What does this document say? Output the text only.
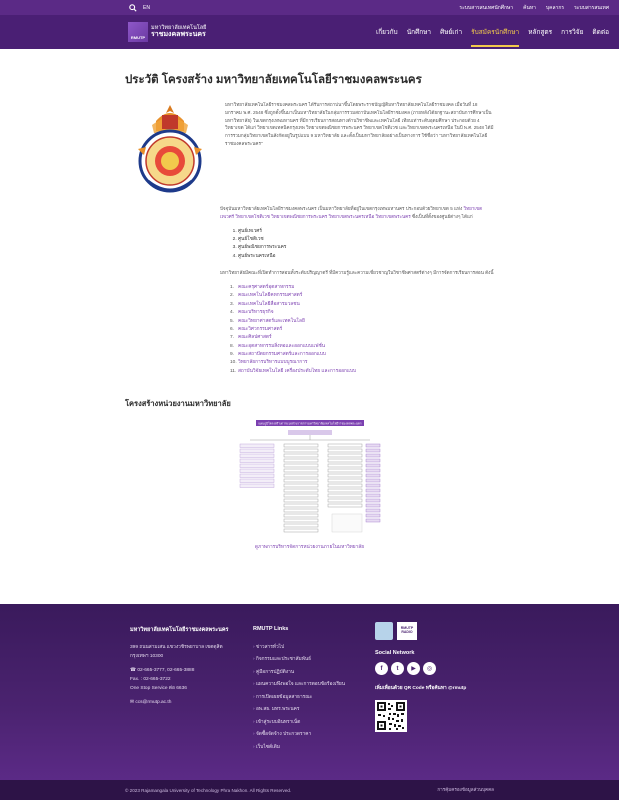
EN	ระบบสารสนเทศนักศึกษา ค้นหา บุคลากร ระบบสารสนเทศ
RMUTP
มหาวิทยาลัยเทคโนโลยี
ราชมงคลพระนคร	เกี่ยวกับ นักศึกษา ศิษย์เก่า รับสมัครนักศึกษา หลักสูตร การวิจัย ติดต่อ
ประวัติ โครงสร้าง มหาวิทยาลัยเทคโนโลยีราชมงคลพระนคร
มหาวิทยาลัยเทคโนโลยีราชมงคลพระนคร ได้รับการสถาปนาขึ้นโดยพระราชบัญญัติมหาวิทยาลัยเทคโนโลยีราชมงคล เมื่อวันที่ 18 มกราคม พ.ศ. 2548 ซึ่งถูกตั้งขึ้นมาเป็นมหาวิทยาลัยในกลุ่มการรวมสถาบันเทคโนโลยีราชมงคล (ภายหลังได้ยกฐานะสถาบันการศึกษาเป็นมหาวิทยาลัย) ในเขตกรุงเทพมหานคร ที่มีการเรียนการสอนทางด้านวิชาชีพและเทคโนโลยี เทียบเท่าระดับอุดมศึกษา ประกอบด้วย 4 วิทยาเขต ได้แก่ วิทยาเขตเทคนิคกรุงเทพ วิทยาเขตพณิชยการพระนคร วิทยาเขตโชติเวช และวิทยาเขตพระนครเหนือ ในปี พ.ศ. 2548 ได้มีการรวมกลุ่มวิทยาเขตในสังกัดอยู่ในรูปแบบ 9 มหาวิทยาลัย และตั้งเป็นมหาวิทยาลัยอย่างเป็นทางการ ใช้ชื่อว่า "มหาวิทยาลัยเทคโนโลยีราชมงคลพระนคร"

ปัจจุบันมหาวิทยาลัยเทคโนโลยีราชมงคลพระนคร เป็นมหาวิทยาลัยที่อยู่ในเขตกรุงเทพมหานคร ประกอบด้วยวิทยาเขต 5 แห่ง วิทยาเขตเทเวศร์ วิทยาเขตโชติเวช วิทยาเขตพณิชยการพระนคร วิทยาเขตพระนครเหนือ วิทยาเขตพระนคร ซึ่งเป็นที่ตั้งของศูนย์ต่างๆ ได้แก่

1. ศูนย์เทเวศร์
2. ศูนย์โชติเวช
3. ศูนย์พณิชยการพระนคร
4. ศูนย์พระนครเหนือ

มหาวิทยาลัยมีคณะที่เปิดทำการสอนทั้งระดับปริญญาตรี ที่มีความรู้และความเชี่ยวชาญในวิชาชีพศาสตร์ต่างๆ มีการจัดการเรียนการสอน ดังนี้

1. คณะครุศาสตร์อุตสาหกรรม
2. คณะเทคโนโลยีคหกรรมศาสตร์
3. คณะเทคโนโลยีสื่อสารมวลชน
4. คณะบริหารธุรกิจ
5. คณะวิทยาศาสตร์และเทคโนโลยี
6. คณะวิศวกรรมศาสตร์
7. คณะศิลปศาสตร์
8. คณะอุตสาหกรรมสิ่งทอและออกแบบแฟชั่น
9. คณะสถาปัตยกรรมศาสตร์และการออกแบบ
10. วิทยาลัยการบริหารแบบบูรณาการ
11. สถาบันวิจัยเทคโนโลยี เครื่องประดับไทย และการออกแบบ
โครงสร้างหน่วยงานมหาวิทยาลัย
แผนภูมิโครงสร้างการแบ่งส่วนราชการมหาวิทยาลัยเทคโนโลยีราชมงคลพระนคร
ดูภาพการบริหารจัดการหน่วยงานภายในมหาวิทยาลัย
มหาวิทยาลัยเทคโนโลยีราชมงคลพระนคร
399 ถนนสามเสน แขวงวชิรพยาบาล เขตดุสิต
กรุงเทพฯ 10300
☎ 02-665-3777, 02-665-3888
Fax. : 02-665-3722
One Stop Service ต่อ 6636
✉ ccs@rmutp.ac.th
RMUTP Links
› ข่าวสารทั่วไป
› กิจกรรมและประชาสัมพันธ์
› คู่มือการปฏิบัติงาน
› แผนความพึงพอใจ และการตอบข้อร้องเรียน
› การเปิดเผยข้อมูลสาธารณะ
› อพ.สธ. มทร.พระนคร
› เข้าสู่ระบบอินทราเน็ต
› จัดซื้อจัดจ้าง ประกวดราคา
› เว็บไซต์เดิม
RMUTP RADIO
Social Network
f	t	▶	◎
เพิ่มเพื่อนด้วย QR Code หรือค้นหา @rmutp
© 2023 Rajamangala University of Technology Phra Nakhon. All Rights Reserved.	การคุ้มครองข้อมูลส่วนบุคคล
